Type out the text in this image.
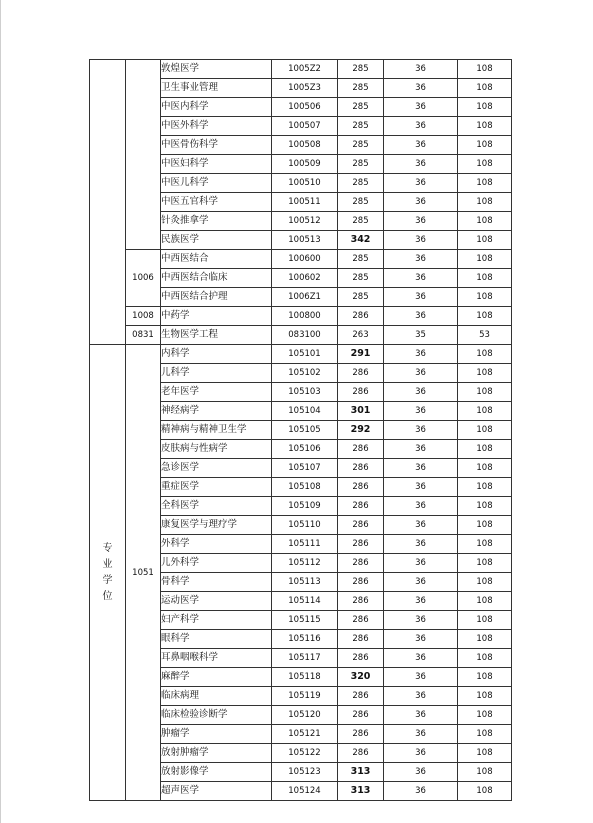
		敦煌医学	1005Z2	285	36	108
		卫生事业管理	1005Z3	285	36	108
		中医内科学	100506	285	36	108
		中医外科学	100507	285	36	108
		中医骨伤科学	100508	285	36	108
		中医妇科学	100509	285	36	108
		中医儿科学	100510	285	36	108
		中医五官科学	100511	285	36	108
		针灸推拿学	100512	285	36	108
		民族医学	100513	342	36	108
	1006	中西医结合	100600	285	36	108
		中西医结合临床	100602	285	36	108
		中西医结合护理	1006Z1	285	36	108
	1008	中药学	100800	286	36	108
	0831	生物医学工程	083100	263	35	53
专业学位	1051	内科学	105101	291	36	108
		儿科学	105102	286	36	108
		老年医学	105103	286	36	108
		神经病学	105104	301	36	108
		精神病与精神卫生学	105105	292	36	108
		皮肤病与性病学	105106	286	36	108
		急诊医学	105107	286	36	108
		重症医学	105108	286	36	108
		全科医学	105109	286	36	108
		康复医学与理疗学	105110	286	36	108
		外科学	105111	286	36	108
		儿外科学	105112	286	36	108
		骨科学	105113	286	36	108
		运动医学	105114	286	36	108
		妇产科学	105115	286	36	108
		眼科学	105116	286	36	108
		耳鼻咽喉科学	105117	286	36	108
		麻醉学	105118	320	36	108
		临床病理	105119	286	36	108
		临床检验诊断学	105120	286	36	108
		肿瘤学	105121	286	36	108
		放射肿瘤学	105122	286	36	108
		放射影像学	105123	313	36	108
		超声医学	105124	313	36	108
